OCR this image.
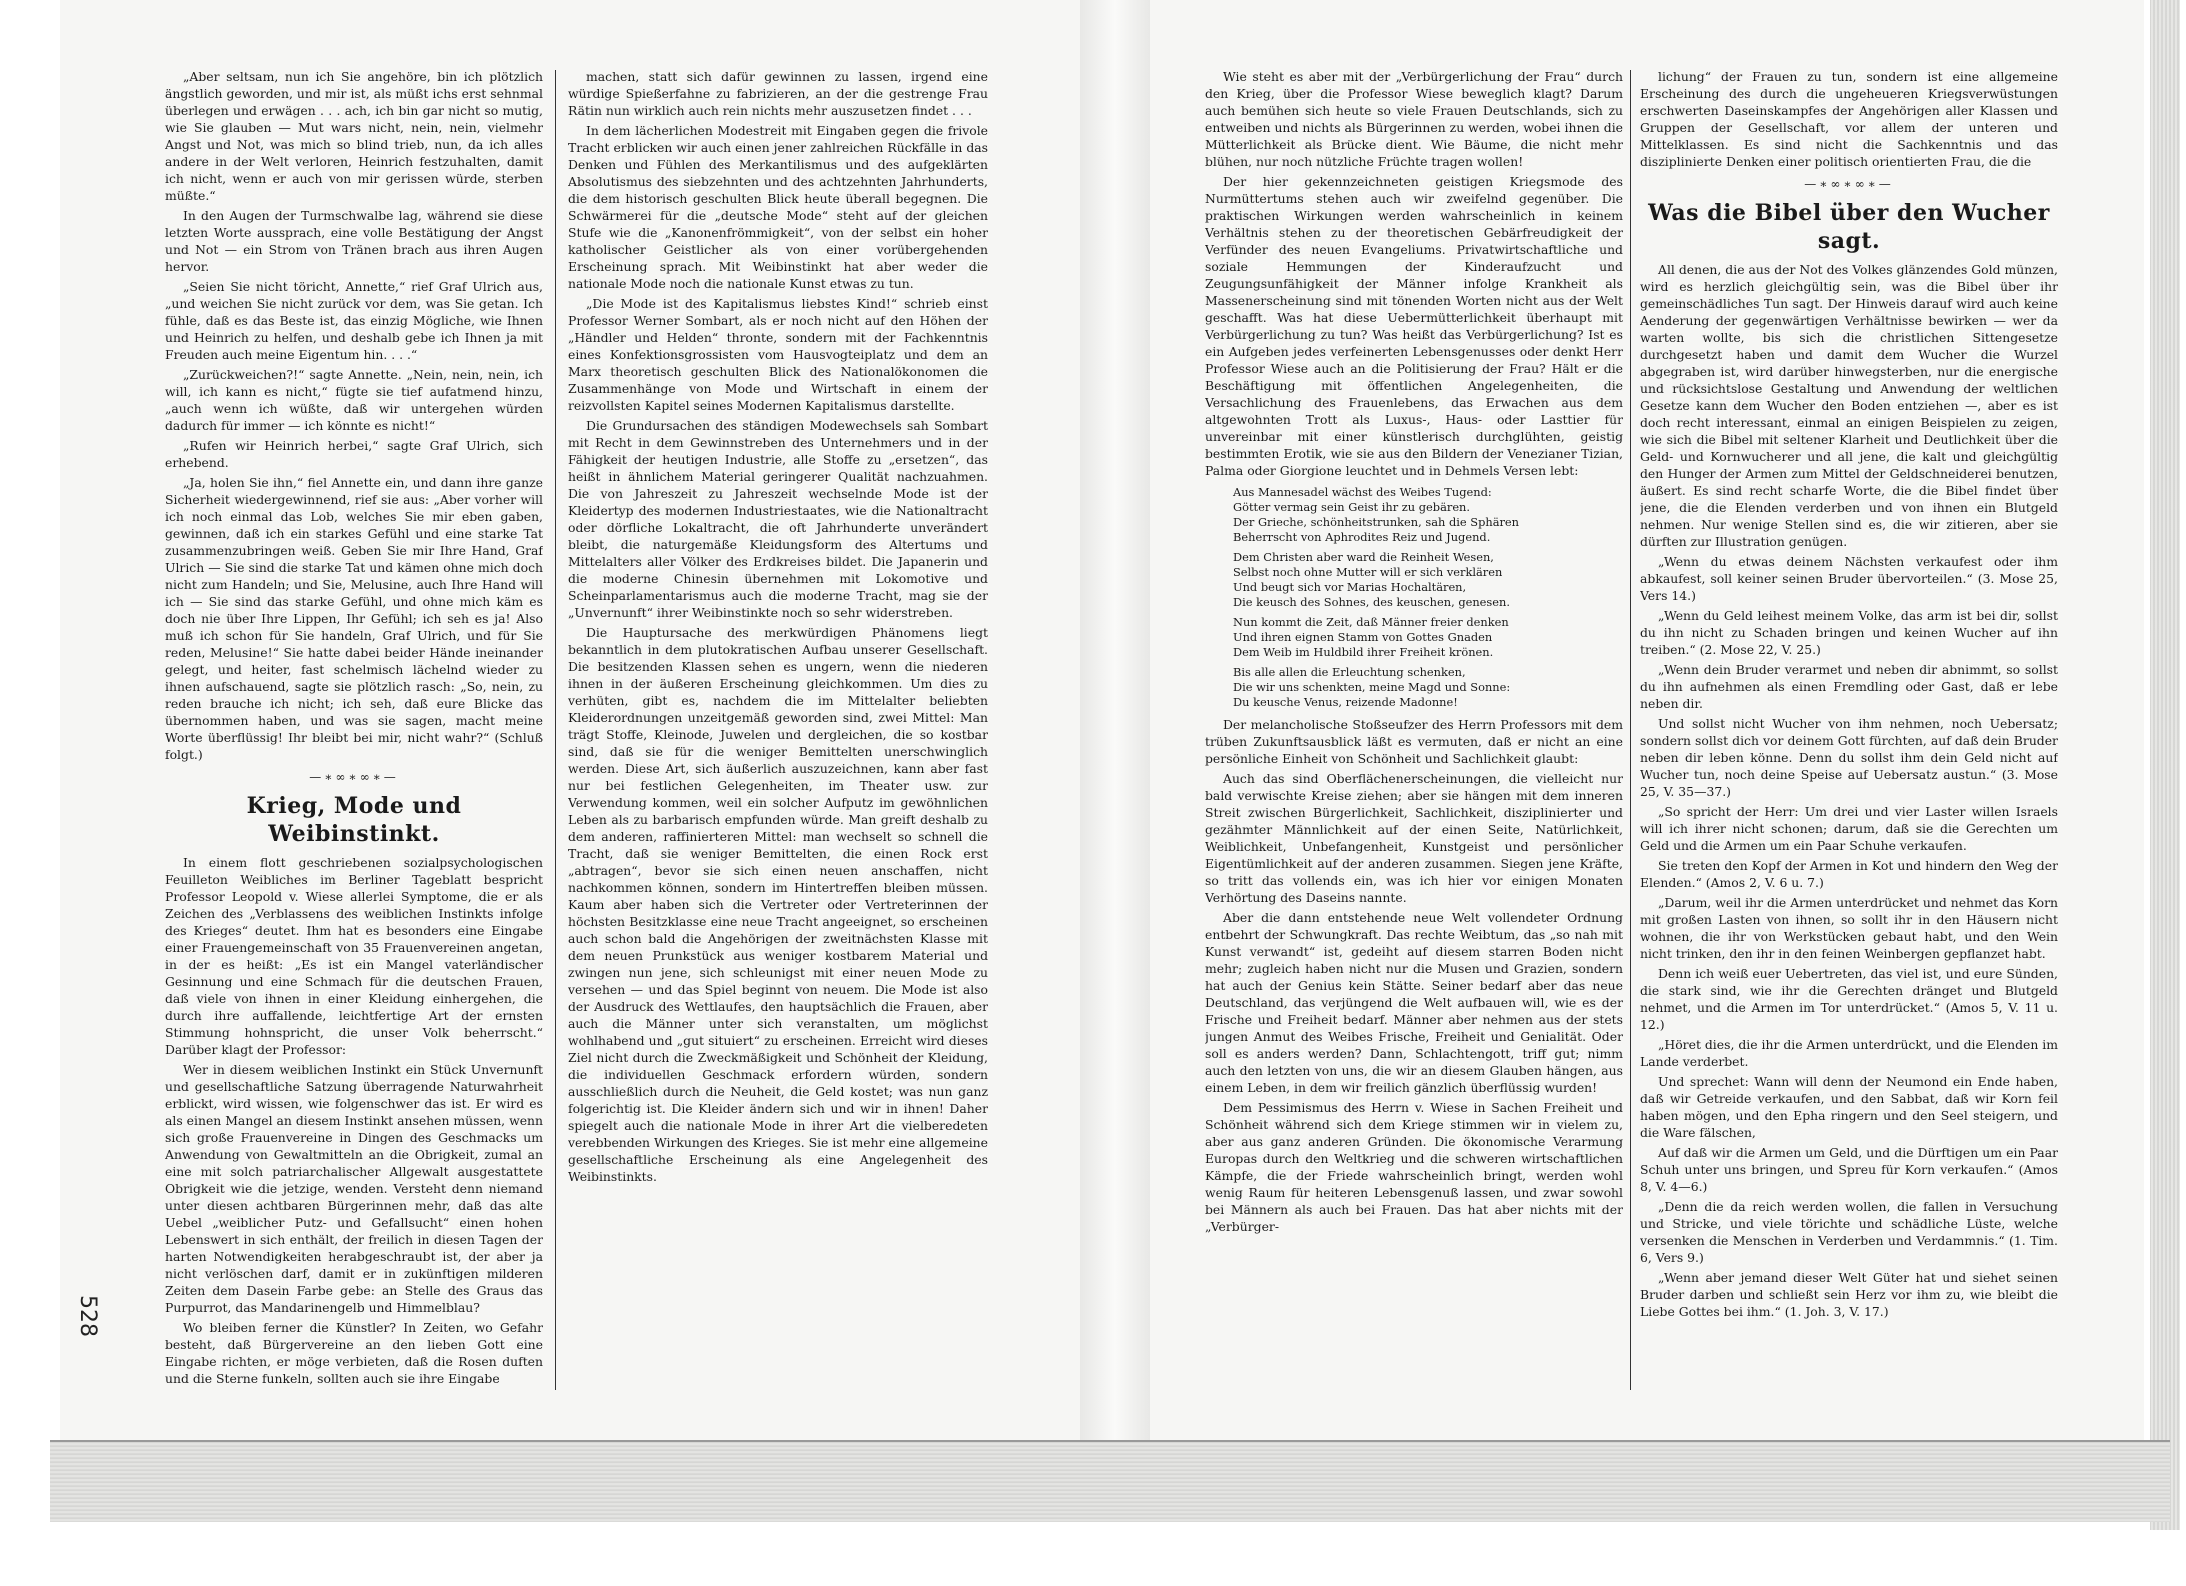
528

„Aber seltsam, nun ich Sie angehöre, bin ich plötzlich ängstlich geworden, und mir ist, als müßt ichs erst sehnmal überlegen und erwägen . . . ach, ich bin gar nicht so mutig, wie Sie glauben — Mut wars nicht, nein, nein, vielmehr Angst und Not, was mich so blind trieb, nun, da ich alles andere in der Welt verloren, Heinrich festzuhalten, damit ich nicht, wenn er auch von mir gerissen würde, sterben müßte.“

In den Augen der Turmschwalbe lag, während sie diese letzten Worte aussprach, eine volle Bestätigung der Angst und Not — ein Strom von Tränen brach aus ihren Augen hervor.

„Seien Sie nicht töricht, Annette,“ rief Graf Ulrich aus, „und weichen Sie nicht zurück vor dem, was Sie getan. Ich fühle, daß es das Beste ist, das einzig Mögliche, wie Ihnen und Heinrich zu helfen, und deshalb gebe ich Ihnen ja mit Freuden auch meine Eigentum hin. . . .“

„Zurückweichen?!“ sagte Annette. „Nein, nein, nein, ich will, ich kann es nicht,“ fügte sie tief aufatmend hinzu, „auch wenn ich wüßte, daß wir untergehen würden dadurch für immer — ich könnte es nicht!“

„Rufen wir Heinrich herbei,“ sagte Graf Ulrich, sich erhebend.

„Ja, holen Sie ihn,“ fiel Annette ein, und dann ihre ganze Sicherheit wiedergewinnend, rief sie aus: „Aber vorher will ich noch einmal das Lob, welches Sie mir eben gaben, gewinnen, daß ich ein starkes Gefühl und eine starke Tat zusammenzubringen weiß. Geben Sie mir Ihre Hand, Graf Ulrich — Sie sind die starke Tat und kämen ohne mich doch nicht zum Handeln; und Sie, Melusine, auch Ihre Hand will ich — Sie sind das starke Gefühl, und ohne mich käm es doch nie über Ihre Lippen, Ihr Gefühl; ich seh es ja! Also muß ich schon für Sie handeln, Graf Ulrich, und für Sie reden, Melusine!“ Sie hatte dabei beider Hände ineinander gelegt, und heiter, fast schelmisch lächelnd wieder zu ihnen aufschauend, sagte sie plötzlich rasch: „So, nein, zu reden brauche ich nicht; ich seh, daß eure Blicke das übernommen haben, und was sie sagen, macht meine Worte überflüssig! Ihr bleibt bei mir, nicht wahr?“ (Schluß folgt.)

—∗∞∗∞∗—
Krieg, Mode und Weibinstinkt.

In einem flott geschriebenen sozialpsychologischen Feuilleton Weibliches im Berliner Tageblatt bespricht Professor Leopold v. Wiese allerlei Symptome, die er als Zeichen des „Verblassens des weiblichen Instinkts infolge des Krieges“ deutet. Ihm hat es besonders eine Eingabe einer Frauengemeinschaft von 35 Frauenvereinen angetan, in der es heißt: „Es ist ein Mangel vaterländischer Gesinnung und eine Schmach für die deutschen Frauen, daß viele von ihnen in einer Kleidung einhergehen, die durch ihre auffallende, leichtfertige Art der ernsten Stimmung hohnspricht, die unser Volk beherrscht.“ Darüber klagt der Professor:

Wer in diesem weiblichen Instinkt ein Stück Unvernunft und gesellschaftliche Satzung überragende Naturwahrheit erblickt, wird wissen, wie folgenschwer das ist. Er wird es als einen Mangel an diesem Instinkt ansehen müssen, wenn sich große Frauenvereine in Dingen des Geschmacks um Anwendung von Gewaltmitteln an die Obrigkeit, zumal an eine mit solch patriarchalischer Allgewalt ausgestattete Obrigkeit wie die jetzige, wenden. Versteht denn niemand unter diesen achtbaren Bürgerinnen mehr, daß das alte Uebel „weiblicher Putz- und Gefallsucht“ einen hohen Lebenswert in sich enthält, der freilich in diesen Tagen der harten Notwendigkeiten herabgeschraubt ist, der aber ja nicht verlöschen darf, damit er in zukünftigen milderen Zeiten dem Dasein Farbe gebe: an Stelle des Graus das Purpurrot, das Mandarinengelb und Himmelblau?

Wo bleiben ferner die Künstler? In Zeiten, wo Gefahr besteht, daß Bürgervereine an den lieben Gott eine Eingabe richten, er möge verbieten, daß die Rosen duften und die Sterne funkeln, sollten auch sie ihre Eingabe

machen, statt sich dafür gewinnen zu lassen, irgend eine würdige Spießerfahne zu fabrizieren, an der die gestrenge Frau Rätin nun wirklich auch rein nichts mehr auszusetzen findet . . .

In dem lächerlichen Modestreit mit Eingaben gegen die frivole Tracht erblicken wir auch einen jener zahlreichen Rückfälle in das Denken und Fühlen des Merkantilismus und des aufgeklärten Absolutismus des siebzehnten und des achtzehnten Jahrhunderts, die dem historisch geschulten Blick heute überall begegnen. Die Schwärmerei für die „deutsche Mode“ steht auf der gleichen Stufe wie die „Kanonenfrömmigkeit“, von der selbst ein hoher katholischer Geistlicher als von einer vorübergehenden Erscheinung sprach. Mit Weibinstinkt hat aber weder die nationale Mode noch die nationale Kunst etwas zu tun.

„Die Mode ist des Kapitalismus liebstes Kind!“ schrieb einst Professor Werner Sombart, als er noch nicht auf den Höhen der „Händler und Helden“ thronte, sondern mit der Fachkenntnis eines Konfektionsgrossisten vom Hausvogteiplatz und dem an Marx theoretisch geschulten Blick des Nationalökonomen die Zusammenhänge von Mode und Wirtschaft in einem der reizvollsten Kapitel seines Modernen Kapitalismus darstellte.

Die Grundursachen des ständigen Modewechsels sah Sombart mit Recht in dem Gewinnstreben des Unternehmers und in der Fähigkeit der heutigen Industrie, alle Stoffe zu „ersetzen“, das heißt in ähnlichem Material geringerer Qualität nachzuahmen. Die von Jahreszeit zu Jahreszeit wechselnde Mode ist der Kleidertyp des modernen Industriestaates, wie die Nationaltracht oder dörfliche Lokaltracht, die oft Jahrhunderte unverändert bleibt, die naturgemäße Kleidungsform des Altertums und Mittelalters aller Völker des Erdkreises bildet. Die Japanerin und die moderne Chinesin übernehmen mit Lokomotive und Scheinparlamentarismus auch die moderne Tracht, mag sie der „Unvernunft“ ihrer Weibinstinkte noch so sehr widerstreben.

Die Hauptursache des merkwürdigen Phänomens liegt bekanntlich in dem plutokratischen Aufbau unserer Gesellschaft. Die besitzenden Klassen sehen es ungern, wenn die niederen ihnen in der äußeren Erscheinung gleichkommen. Um dies zu verhüten, gibt es, nachdem die im Mittelalter beliebten Kleiderordnungen unzeitgemäß geworden sind, zwei Mittel: Man trägt Stoffe, Kleinode, Juwelen und dergleichen, die so kostbar sind, daß sie für die weniger Bemittelten unerschwinglich werden. Diese Art, sich äußerlich auszuzeichnen, kann aber fast nur bei festlichen Gelegenheiten, im Theater usw. zur Verwendung kommen, weil ein solcher Aufputz im gewöhnlichen Leben als zu barbarisch empfunden würde. Man greift deshalb zu dem anderen, raffinierteren Mittel: man wechselt so schnell die Tracht, daß sie weniger Bemittelten, die einen Rock erst „abtragen“, bevor sie sich einen neuen anschaffen, nicht nachkommen können, sondern im Hintertreffen bleiben müssen. Kaum aber haben sich die Vertreter oder Vertreterinnen der höchsten Besitzklasse eine neue Tracht angeeignet, so erscheinen auch schon bald die Angehörigen der zweitnächsten Klasse mit dem neuen Prunkstück aus weniger kostbarem Material und zwingen nun jene, sich schleunigst mit einer neuen Mode zu versehen — und das Spiel beginnt von neuem. Die Mode ist also der Ausdruck des Wettlaufes, den hauptsächlich die Frauen, aber auch die Männer unter sich veranstalten, um möglichst wohlhabend und „gut situiert“ zu erscheinen. Erreicht wird dieses Ziel nicht durch die Zweckmäßigkeit und Schönheit der Kleidung, die individuellen Geschmack erfordern würden, sondern ausschließlich durch die Neuheit, die Geld kostet; was nun ganz folgerichtig ist. Die Kleider ändern sich und wir in ihnen! Daher spiegelt auch die nationale Mode in ihrer Art die vielberedeten verebbenden Wirkungen des Krieges. Sie ist mehr eine allgemeine gesellschaftliche Erscheinung als eine Angelegenheit des Weibinstinkts.

Wie steht es aber mit der „Verbürgerlichung der Frau“ durch den Krieg, über die Professor Wiese beweglich klagt? Darum auch bemühen sich heute so viele Frauen Deutschlands, sich zu entweiben und nichts als Bürgerinnen zu werden, wobei ihnen die Mütterlichkeit als Brücke dient. Wie Bäume, die nicht mehr blühen, nur noch nützliche Früchte tragen wollen!

Der hier gekennzeichneten geistigen Kriegsmode des Nurmüttertums stehen auch wir zweifelnd gegenüber. Die praktischen Wirkungen werden wahrscheinlich in keinem Verhältnis stehen zu der theoretischen Gebärfreudigkeit der Verfünder des neuen Evangeliums. Privatwirtschaftliche und soziale Hemmungen der Kinderaufzucht und Zeugungsunfähigkeit der Männer infolge Krankheit als Massenerscheinung sind mit tönenden Worten nicht aus der Welt geschafft. Was hat diese Uebermütterlichkeit überhaupt mit Verbürgerlichung zu tun? Was heißt das Verbürgerlichung? Ist es ein Aufgeben jedes verfeinerten Lebensgenusses oder denkt Herr Professor Wiese auch an die Politisierung der Frau? Hält er die Beschäftigung mit öffentlichen Angelegenheiten, die Versachlichung des Frauenlebens, das Erwachen aus dem altgewohnten Trott als Luxus-, Haus- oder Lasttier für unvereinbar mit einer künstlerisch durchglühten, geistig bestimmten Erotik, wie sie aus den Bildern der Venezianer Tizian, Palma oder Giorgione leuchtet und in Dehmels Versen lebt:

Aus Mannesadel wächst des Weibes Tugend:
Götter vermag sein Geist ihr zu gebären.
Der Grieche, schönheitstrunken, sah die Sphären
Beherrscht von Aphrodites Reiz und Jugend.
Dem Christen aber ward die Reinheit Wesen,
Selbst noch ohne Mutter will er sich verklären
Und beugt sich vor Marias Hochaltären,
Die keusch des Sohnes, des keuschen, genesen.
Nun kommt die Zeit, daß Männer freier denken
Und ihren eignen Stamm von Gottes Gnaden
Dem Weib im Huldbild ihrer Freiheit krönen.
Bis alle allen die Erleuchtung schenken,
Die wir uns schenkten, meine Magd und Sonne:
Du keusche Venus, reizende Madonne!

Der melancholische Stoßseufzer des Herrn Professors mit dem trüben Zukunftsausblick läßt es vermuten, daß er nicht an eine persönliche Einheit von Schönheit und Sachlichkeit glaubt:

Auch das sind Oberflächenerscheinungen, die vielleicht nur bald verwischte Kreise ziehen; aber sie hängen mit dem inneren Streit zwischen Bürgerlichkeit, Sachlichkeit, disziplinierter und gezähmter Männlichkeit auf der einen Seite, Natürlichkeit, Weiblichkeit, Unbefangenheit, Kunstgeist und persönlicher Eigentümlichkeit auf der anderen zusammen. Siegen jene Kräfte, so tritt das vollends ein, was ich hier vor einigen Monaten Verhörtung des Daseins nannte.

Aber die dann entstehende neue Welt vollendeter Ordnung entbehrt der Schwungkraft. Das rechte Weibtum, das „so nah mit Kunst verwandt“ ist, gedeiht auf diesem starren Boden nicht mehr; zugleich haben nicht nur die Musen und Grazien, sondern hat auch der Genius kein Stätte. Seiner bedarf aber das neue Deutschland, das verjüngend die Welt aufbauen will, wie es der Frische und Freiheit bedarf. Männer aber nehmen aus der stets jungen Anmut des Weibes Frische, Freiheit und Genialität. Oder soll es anders werden? Dann, Schlachtengott, triff gut; nimm auch den letzten von uns, die wir an diesem Glauben hängen, aus einem Leben, in dem wir freilich gänzlich überflüssig wurden!

Dem Pessimismus des Herrn v. Wiese in Sachen Freiheit und Schönheit während sich dem Kriege stimmen wir in vielem zu, aber aus ganz anderen Gründen. Die ökonomische Verarmung Europas durch den Weltkrieg und die schweren wirtschaftlichen Kämpfe, die der Friede wahrscheinlich bringt, werden wohl wenig Raum für heiteren Lebensgenuß lassen, und zwar sowohl bei Männern als auch bei Frauen. Das hat aber nichts mit der „Verbürger-

lichung“ der Frauen zu tun, sondern ist eine allgemeine Erscheinung des durch die ungeheueren Kriegsverwüstungen erschwerten Daseinskampfes der Angehörigen aller Klassen und Gruppen der Gesellschaft, vor allem der unteren und Mittelklassen. Es sind nicht die Sachkenntnis und das disziplinierte Denken einer politisch orientierten Frau, die die

—∗∞∗∞∗—
Was die Bibel über den Wucher sagt.

All denen, die aus der Not des Volkes glänzendes Gold münzen, wird es herzlich gleichgültig sein, was die Bibel über ihr gemeinschädliches Tun sagt. Der Hinweis darauf wird auch keine Aenderung der gegenwärtigen Verhältnisse bewirken — wer da warten wollte, bis sich die christlichen Sittengesetze durchgesetzt haben und damit dem Wucher die Wurzel abgegraben ist, wird darüber hinwegsterben, nur die energische und rücksichtslose Gestaltung und Anwendung der weltlichen Gesetze kann dem Wucher den Boden entziehen —, aber es ist doch recht interessant, einmal an einigen Beispielen zu zeigen, wie sich die Bibel mit seltener Klarheit und Deutlichkeit über die Geld- und Kornwucherer und all jene, die kalt und gleichgültig den Hunger der Armen zum Mittel der Geldschneiderei benutzen, äußert. Es sind recht scharfe Worte, die die Bibel findet über jene, die die Elenden verderben und von ihnen ein Blutgeld nehmen. Nur wenige Stellen sind es, die wir zitieren, aber sie dürften zur Illustration genügen.

„Wenn du etwas deinem Nächsten verkaufest oder ihm abkaufest, soll keiner seinen Bruder übervorteilen.“ (3. Mose 25, Vers 14.)

„Wenn du Geld leihest meinem Volke, das arm ist bei dir, sollst du ihn nicht zu Schaden bringen und keinen Wucher auf ihn treiben.“ (2. Mose 22, V. 25.)

„Wenn dein Bruder verarmet und neben dir abnimmt, so sollst du ihn aufnehmen als einen Fremdling oder Gast, daß er lebe neben dir.

Und sollst nicht Wucher von ihm nehmen, noch Uebersatz; sondern sollst dich vor deinem Gott fürchten, auf daß dein Bruder neben dir leben könne. Denn du sollst ihm dein Geld nicht auf Wucher tun, noch deine Speise auf Uebersatz austun.“ (3. Mose 25, V. 35—37.)

„So spricht der Herr: Um drei und vier Laster willen Israels will ich ihrer nicht schonen; darum, daß sie die Gerechten um Geld und die Armen um ein Paar Schuhe verkaufen.

Sie treten den Kopf der Armen in Kot und hindern den Weg der Elenden.“ (Amos 2, V. 6 u. 7.)

„Darum, weil ihr die Armen unterdrücket und nehmet das Korn mit großen Lasten von ihnen, so sollt ihr in den Häusern nicht wohnen, die ihr von Werkstücken gebaut habt, und den Wein nicht trinken, den ihr in den feinen Weinbergen gepflanzet habt.

Denn ich weiß euer Uebertreten, das viel ist, und eure Sünden, die stark sind, wie ihr die Gerechten dränget und Blutgeld nehmet, und die Armen im Tor unterdrücket.“ (Amos 5, V. 11 u. 12.)

„Höret dies, die ihr die Armen unterdrückt, und die Elenden im Lande verderbet.

Und sprechet: Wann will denn der Neumond ein Ende haben, daß wir Getreide verkaufen, und den Sabbat, daß wir Korn feil haben mögen, und den Epha ringern und den Seel steigern, und die Ware fälschen,

Auf daß wir die Armen um Geld, und die Dürftigen um ein Paar Schuh unter uns bringen, und Spreu für Korn verkaufen.“ (Amos 8, V. 4—6.)

„Denn die da reich werden wollen, die fallen in Versuchung und Stricke, und viele törichte und schädliche Lüste, welche versenken die Menschen in Verderben und Verdammnis.“ (1. Tim. 6, Vers 9.)

„Wenn aber jemand dieser Welt Güter hat und siehet seinen Bruder darben und schließt sein Herz vor ihm zu, wie bleibt die Liebe Gottes bei ihm.“ (1. Joh. 3, V. 17.)
